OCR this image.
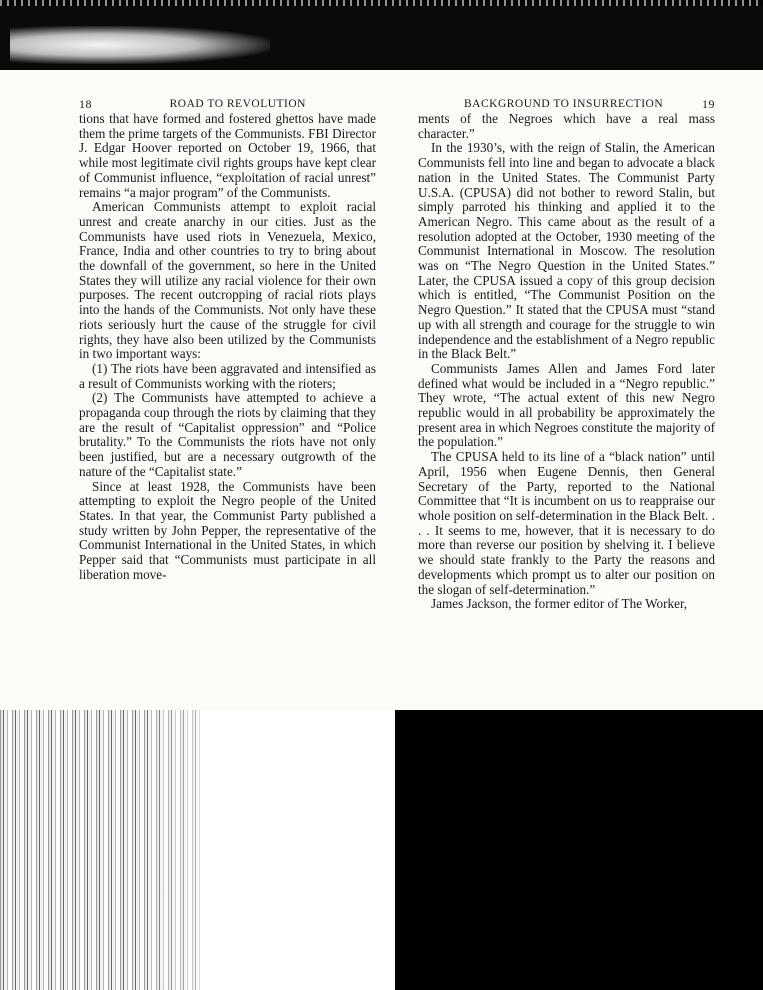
18	ROAD TO REVOLUTION

tions that have formed and fostered ghettos have made them the prime targets of the Communists. FBI Director J. Edgar Hoover reported on October 19, 1966, that while most legitimate civil rights groups have kept clear of Communist influence, “exploitation of racial unrest” remains “a major program” of the Communists.

American Communists attempt to exploit racial unrest and create anarchy in our cities. Just as the Communists have used riots in Venezuela, Mexico, France, India and other countries to try to bring about the downfall of the government, so here in the United States they will utilize any racial violence for their own purposes. The recent outcropping of racial riots plays into the hands of the Communists. Not only have these riots seriously hurt the cause of the struggle for civil rights, they have also been utilized by the Communists in two important ways:

(1) The riots have been aggravated and intensified as a result of Communists working with the rioters;

(2) The Communists have attempted to achieve a propaganda coup through the riots by claiming that they are the result of “Capitalist oppression” and “Police brutality.” To the Communists the riots have not only been justified, but are a necessary outgrowth of the nature of the “Capitalist state.”

Since at least 1928, the Communists have been attempting to exploit the Negro people of the United States. In that year, the Communist Party published a study written by John Pepper, the representative of the Communist International in the United States, in which Pepper said that “Communists must participate in all liberation move-

BACKGROUND TO INSURRECTION	19

ments of the Negroes which have a real mass character.”

In the 1930’s, with the reign of Stalin, the American Communists fell into line and began to advocate a black nation in the United States. The Communist Party U.S.A. (CPUSA) did not bother to reword Stalin, but simply parroted his thinking and applied it to the American Negro. This came about as the result of a resolution adopted at the October, 1930 meeting of the Communist International in Moscow. The resolution was on “The Negro Question in the United States.” Later, the CPUSA issued a copy of this group decision which is entitled, “The Communist Position on the Negro Question.” It stated that the CPUSA must “stand up with all strength and courage for the struggle to win independence and the establishment of a Negro republic in the Black Belt.”

Communists James Allen and James Ford later defined what would be included in a “Negro republic.” They wrote, “The actual extent of this new Negro republic would in all probability be approximately the present area in which Negroes constitute the majority of the population.”

The CPUSA held to its line of a “black nation” until April, 1956 when Eugene Dennis, then General Secretary of the Party, reported to the National Committee that “It is incumbent on us to reappraise our whole position on self-determination in the Black Belt. . . . It seems to me, however, that it is necessary to do more than reverse our position by shelving it. I believe we should state frankly to the Party the reasons and developments which prompt us to alter our position on the slogan of self-determination.”

James Jackson, the former editor of The Worker,
